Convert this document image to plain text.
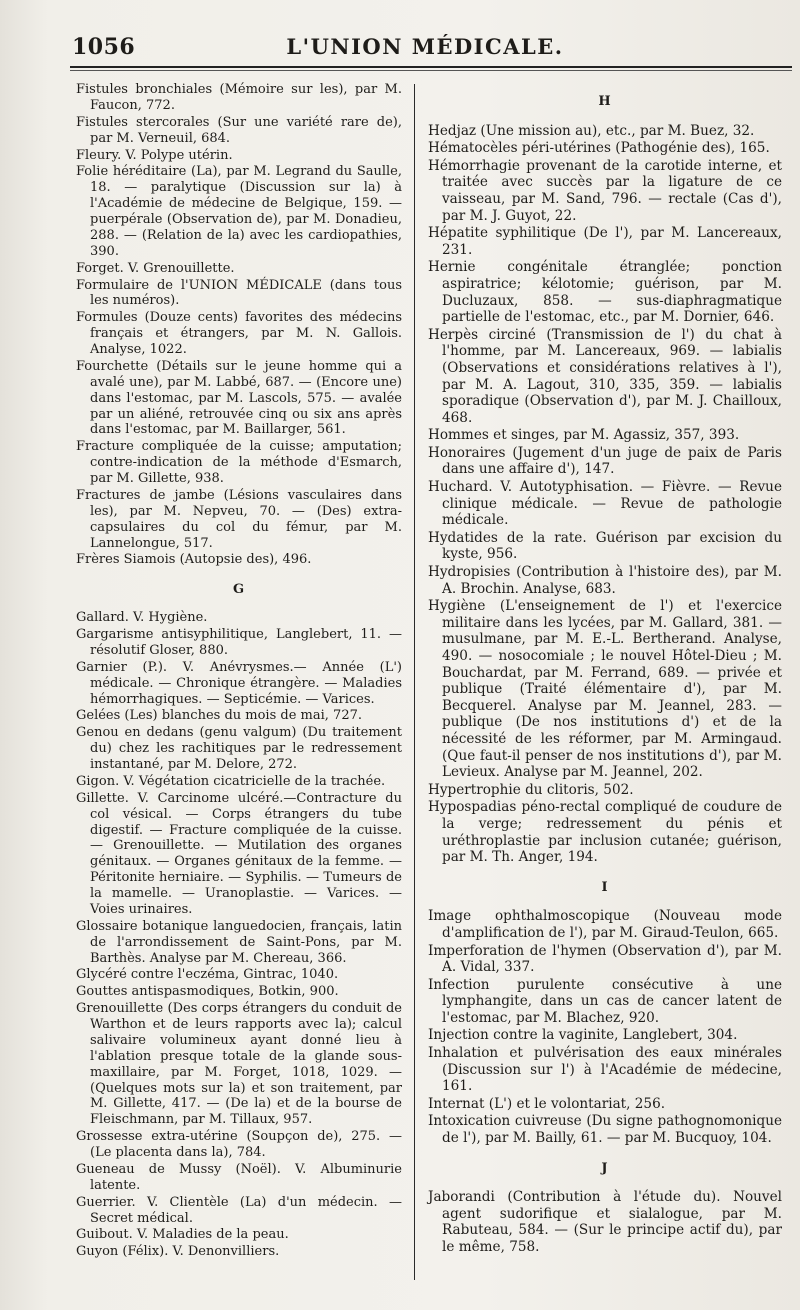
1056	L'UNION MÉDICALE.
Fistules bronchiales (Mémoire sur les), par M. Faucon, 772.
Fistules stercorales (Sur une variété rare de), par M. Verneuil, 684.
Fleury. V. Polype utérin.
Folie héréditaire (La), par M. Legrand du Saulle, 18. — paralytique (Discussion sur la) à l'Académie de médecine de Belgique, 159. — puerpérale (Observation de), par M. Donadieu, 288. — (Relation de la) avec les cardiopathies, 390.
Forget. V. Grenouillette.
Formulaire de l'UNION MÉDICALE (dans tous les numéros).
Formules (Douze cents) favorites des médecins français et étrangers, par M. N. Gallois. Analyse, 1022.
Fourchette (Détails sur le jeune homme qui a avalé une), par M. Labbé, 687. — (Encore une) dans l'estomac, par M. Lascols, 575. — avalée par un aliéné, retrouvée cinq ou six ans après dans l'estomac, par M. Baillarger, 561.
Fracture compliquée de la cuisse; amputation; contre-indication de la méthode d'Esmarch, par M. Gillette, 938.
Fractures de jambe (Lésions vasculaires dans les), par M. Nepveu, 70. — (Des) extra-capsulaires du col du fémur, par M. Lannelongue, 517.
Frères Siamois (Autopsie des), 496.
G
Gallard. V. Hygiène.
Gargarisme antisyphilitique, Langlebert, 11. — résolutif Gloser, 880.
Garnier (P.). V. Anévrysmes.— Année (L') médicale. — Chronique étrangère. — Maladies hémorrhagiques. — Septicémie. — Varices.
Gelées (Les) blanches du mois de mai, 727.
Genou en dedans (genu valgum) (Du traitement du) chez les rachitiques par le redressement instantané, par M. Delore, 272.
Gigon. V. Végétation cicatricielle de la trachée.
Gillette. V. Carcinome ulcéré.—Contracture du col vésical. — Corps étrangers du tube digestif. — Fracture compliquée de la cuisse. — Grenouillette. — Mutilation des organes génitaux. — Organes génitaux de la femme. — Péritonite herniaire. — Syphilis. — Tumeurs de la mamelle. — Uranoplastie. — Varices. — Voies urinaires.
Glossaire botanique languedocien, français, latin de l'arrondissement de Saint-Pons, par M. Barthès. Analyse par M. Chereau, 366.
Glycéré contre l'eczéma, Gintrac, 1040.
Gouttes antispasmodiques, Botkin, 900.
Grenouillette (Des corps étrangers du conduit de Warthon et de leurs rapports avec la); calcul salivaire volumineux ayant donné lieu à l'ablation presque totale de la glande sous-maxillaire, par M. Forget, 1018, 1029. — (Quelques mots sur la) et son traitement, par M. Gillette, 417. — (De la) et de la bourse de Fleischmann, par M. Tillaux, 957.
Grossesse extra-utérine (Soupçon de), 275. — (Le placenta dans la), 784.
Gueneau de Mussy (Noël). V. Albuminurie latente.
Guerrier. V. Clientèle (La) d'un médecin. — Secret médical.
Guibout. V. Maladies de la peau.
Guyon (Félix). V. Denonvilliers.
H
Hedjaz (Une mission au), etc., par M. Buez, 32.
Hématocèles péri-utérines (Pathogénie des), 165.
Hémorrhagie provenant de la carotide interne, et traitée avec succès par la ligature de ce vaisseau, par M. Sand, 796. — rectale (Cas d'), par M. J. Guyot, 22.
Hépatite syphilitique (De l'), par M. Lancereaux, 231.
Hernie congénitale étranglée; ponction aspiratrice; kélotomie; guérison, par M. Ducluzaux, 858. — sus-diaphragmatique partielle de l'estomac, etc., par M. Dornier, 646.
Herpès circiné (Transmission de l') du chat à l'homme, par M. Lancereaux, 969. — labialis (Observations et considérations relatives à l'), par M. A. Lagout, 310, 335, 359. — labialis sporadique (Observation d'), par M. J. Chailloux, 468.
Hommes et singes, par M. Agassiz, 357, 393.
Honoraires (Jugement d'un juge de paix de Paris dans une affaire d'), 147.
Huchard. V. Autotyphisation. — Fièvre. — Revue clinique médicale. — Revue de pathologie médicale.
Hydatides de la rate. Guérison par excision du kyste, 956.
Hydropisies (Contribution à l'histoire des), par M. A. Brochin. Analyse, 683.
Hygiène (L'enseignement de l') et l'exercice militaire dans les lycées, par M. Gallard, 381. — musulmane, par M. E.-L. Bertherand. Analyse, 490. — nosocomiale ; le nouvel Hôtel-Dieu ; M. Bouchardat, par M. Ferrand, 689. — privée et publique (Traité élémentaire d'), par M. Becquerel. Analyse par M. Jeannel, 283. — publique (De nos institutions d') et de la nécessité de les réformer, par M. Armingaud. (Que faut-il penser de nos institutions d'), par M. Levieux. Analyse par M. Jeannel, 202.
Hypertrophie du clitoris, 502.
Hypospadias péno-rectal compliqué de coudure de la verge; redressement du pénis et uréthroplastie par inclusion cutanée; guérison, par M. Th. Anger, 194.
I
Image ophthalmoscopique (Nouveau mode d'amplification de l'), par M. Giraud-Teulon, 665.
Imperforation de l'hymen (Observation d'), par M. A. Vidal, 337.
Infection purulente consécutive à une lymphangite, dans un cas de cancer latent de l'estomac, par M. Blachez, 920.
Injection contre la vaginite, Langlebert, 304.
Inhalation et pulvérisation des eaux minérales (Discussion sur l') à l'Académie de médecine, 161.
Internat (L') et le volontariat, 256.
Intoxication cuivreuse (Du signe pathognomonique de l'), par M. Bailly, 61. — par M. Bucquoy, 104.
J
Jaborandi (Contribution à l'étude du). Nouvel agent sudorifique et sialalogue, par M. Rabuteau, 584. — (Sur le principe actif du), par le même, 758.
